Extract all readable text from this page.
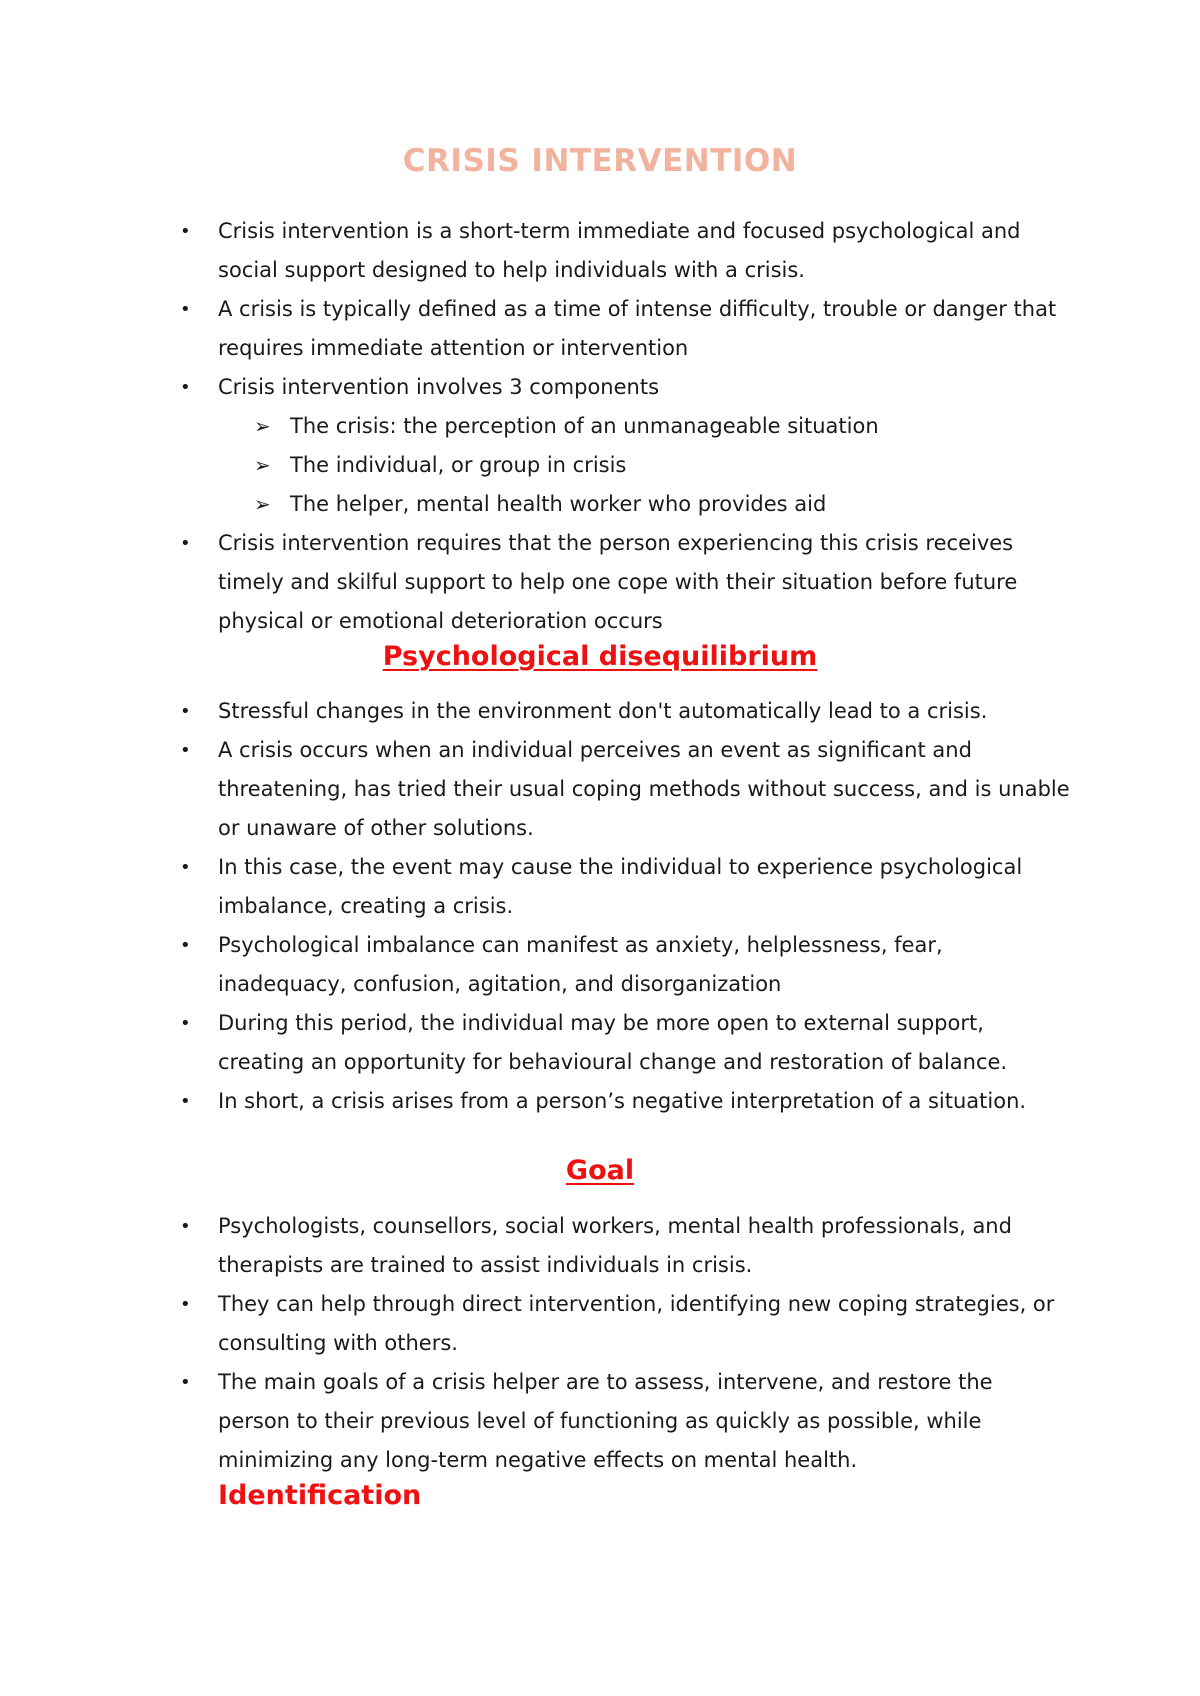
CRISIS INTERVENTION
• Crisis intervention is a short-term immediate and focused psychological and social support designed to help individuals with a crisis.
• A crisis is typically defined as a time of intense difficulty, trouble or danger that requires immediate attention or intervention
• Crisis intervention involves 3 components
➢ The crisis: the perception of an unmanageable situation
➢ The individual, or group in crisis
➢ The helper, mental health worker who provides aid
• Crisis intervention requires that the person experiencing this crisis receives timely and skilful support to help one cope with their situation before future physical or emotional deterioration occurs
Psychological disequilibrium
• Stressful changes in the environment don't automatically lead to a crisis.
• A crisis occurs when an individual perceives an event as significant and threatening, has tried their usual coping methods without success, and is unable or unaware of other solutions.
• In this case, the event may cause the individual to experience psychological imbalance, creating a crisis.
• Psychological imbalance can manifest as anxiety, helplessness, fear, inadequacy, confusion, agitation, and disorganization
• During this period, the individual may be more open to external support, creating an opportunity for behavioural change and restoration of balance.
• In short, a crisis arises from a person’s negative interpretation of a situation.
Goal
• Psychologists, counsellors, social workers, mental health professionals, and therapists are trained to assist individuals in crisis.
• They can help through direct intervention, identifying new coping strategies, or consulting with others.
• The main goals of a crisis helper are to assess, intervene, and restore the person to their previous level of functioning as quickly as possible, while minimizing any long-term negative effects on mental health.
Identification
